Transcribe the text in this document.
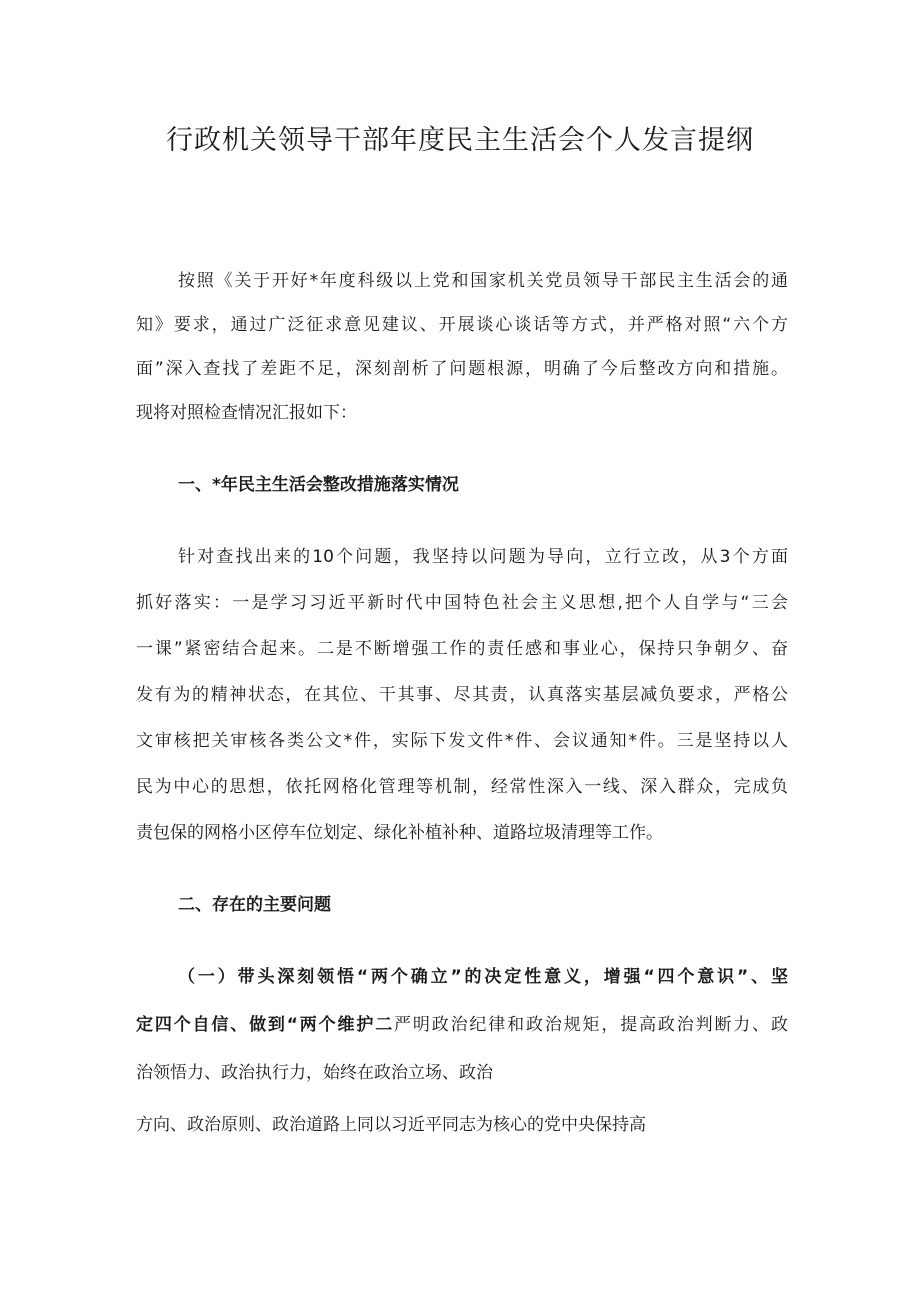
行政机关领导干部年度民主生活会个人发言提纲

按照《关于开好*年度科级以上党和国家机关党员领导干部民主生活会的通

知》要求，通过广泛征求意见建议、开展谈心谈话等方式，并严格对照“六个方

面”深入查找了差距不足，深刻剖析了问题根源，明确了今后整改方向和措施。

现将对照检查情况汇报如下：

一、*年民主生活会整改措施落实情况

针对查找出来的10个问题，我坚持以问题为导向，立行立改，从3个方面

抓好落实：一是学习习近平新时代中国特色社会主义思想,把个人自学与“三会

一课”紧密结合起来。二是不断增强工作的责任感和事业心，保持只争朝夕、奋

发有为的精神状态，在其位、干其事、尽其责，认真落实基层减负要求，严格公

文审核把关审核各类公文*件，实际下发文件*件、会议通知*件。三是坚持以人

民为中心的思想，依托网格化管理等机制，经常性深入一线、深入群众，完成负

责包保的网格小区停车位划定、绿化补植补种、道路垃圾清理等工作。

二、存在的主要问题

（一）带头深刻领悟“两个确立”的决定性意义，增强“四个意识”、坚

定四个自信、做到“两个维护二严明政治纪律和政治规矩，提高政治判断力、政

治领悟力、政治执行力，始终在政治立场、政治

方向、政治原则、政治道路上同以习近平同志为核心的党中央保持高
